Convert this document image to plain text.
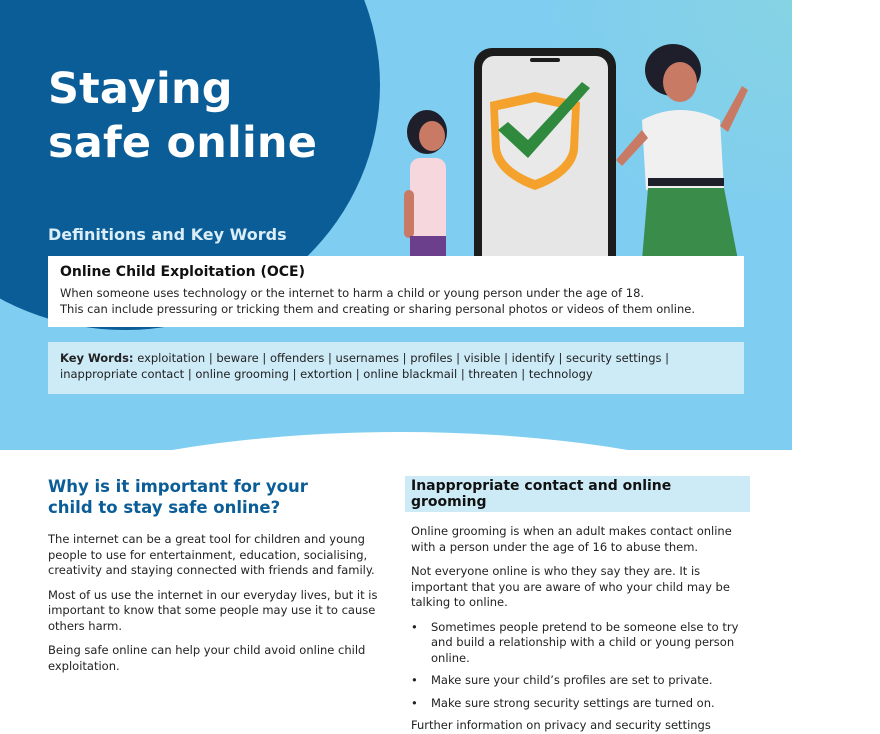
Staying
safe online
Definitions and Key Words
Online Child Exploitation (OCE)
When someone uses technology or the internet to harm a child or young person under the age of 18.
This can include pressuring or tricking them and creating or sharing personal photos or videos of them online.
Key Words: exploitation | beware | offenders | usernames | profiles | visible | identify | security settings |
inappropriate contact | online grooming | extortion | online blackmail | threaten | technology
Why is it important for your
child to stay safe online?

The internet can be a great tool for children and young people to use for entertainment, education, socialising, creativity and staying connected with friends and family.

Most of us use the internet in our everyday lives, but it is important to know that some people may use it to cause others harm.

Being safe online can help your child avoid online child exploitation.

Inappropriate contact and online grooming

Online grooming is when an adult makes contact online with a person under the age of 16 to abuse them.

Not everyone online is who they say they are. It is important that you are aware of who your child may be talking to online.

• Sometimes people pretend to be someone else to try and build a relationship with a child or young person online.
• Make sure your child’s profiles are set to private.
• Make sure strong security settings are turned on.

Further information on privacy and security settings
